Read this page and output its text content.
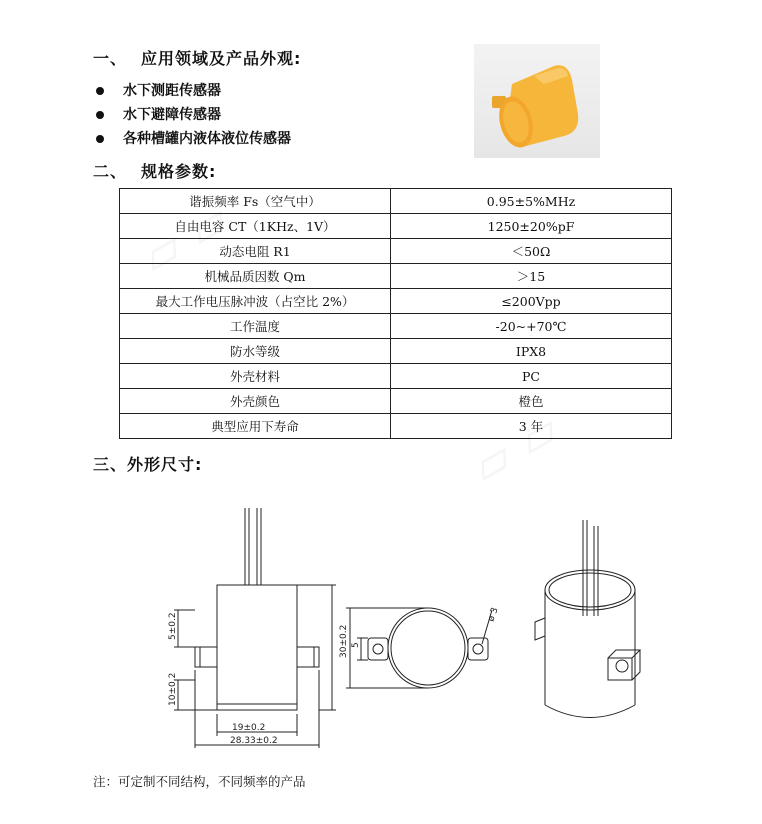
一、 应用领域及产品外观:
水下测距传感器
水下避障传感器
各种槽罐内液体液位传感器
二、 规格参数:
谐振频率 Fs（空气中）	0.95±5%MHz
自由电容 CT（1KHz、1V）	1250±20%pF
动态电阻 R1	＜50Ω
机械品质因数 Qm	＞15
最大工作电压脉冲波（占空比 2%）	≤200Vpp
工作温度	-20~+70℃
防水等级	IPX8
外壳材料	PC
外壳颜色	橙色
典型应用下寿命	3 年
三、外形尺寸:
19±0.2
28.33±0.2
5±0.2
10±0.2
30±0.2 5
ø 3
注：可定制不同结构，不同频率的产品
